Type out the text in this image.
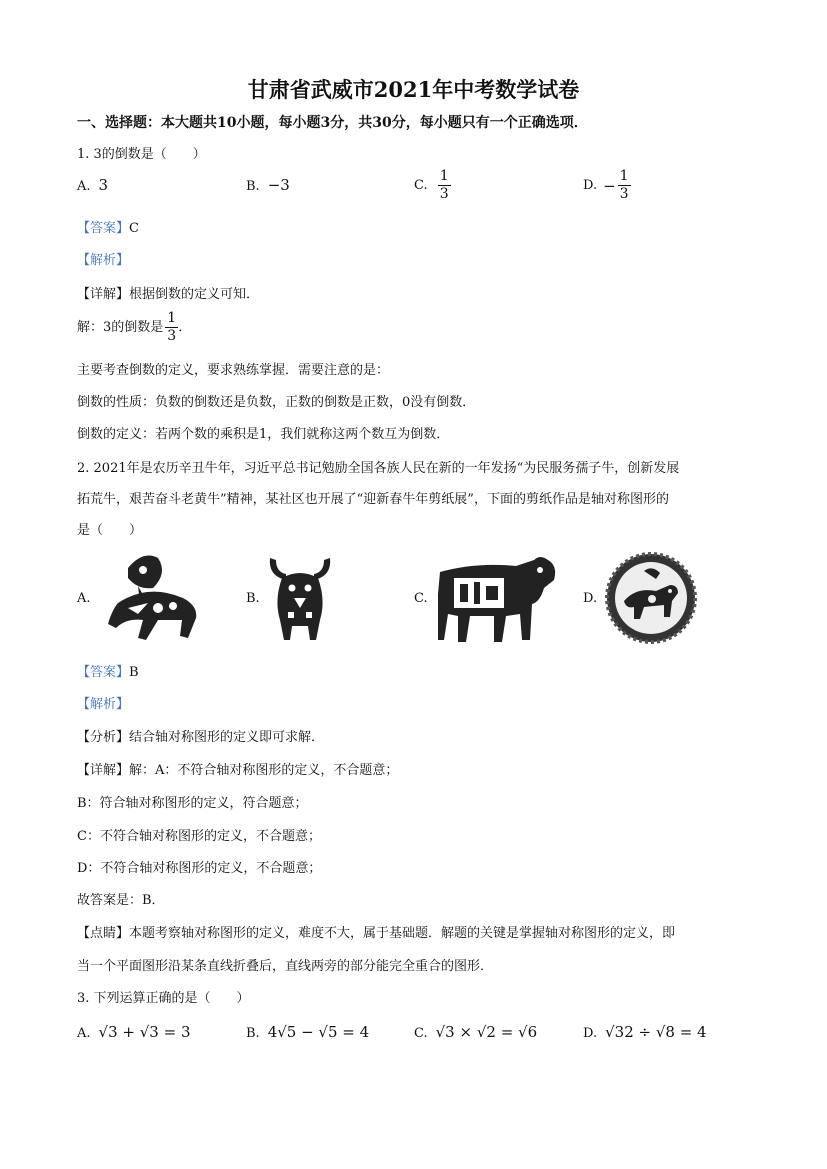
甘肃省武威市2021年中考数学试卷
一、选择题：本大题共10小题，每小题3分，共30分，每小题只有一个正确选项．
1. 3的倒数是（　　）
A. 3	B. −3	C. $\frac{1}{3}$	D. − $\frac{1}{3}$
【答案】C
【解析】
【详解】根据倒数的定义可知．
解：3的倒数是 $\frac{1}{3}$ ．
主要考查倒数的定义，要求熟练掌握．需要注意的是：
倒数的性质：负数的倒数还是负数，正数的倒数是正数，0没有倒数．
倒数的定义：若两个数的乘积是1，我们就称这两个数互为倒数．
2. 2021年是农历辛丑牛年，习近平总书记勉励全国各族人民在新的一年发扬“为民服务孺子牛，创新发展
拓荒牛，艰苦奋斗老黄牛”精神，某社区也开展了“迎新春牛年剪纸展”，下面的剪纸作品是轴对称图形的
是（　　）
A.	B.	C.	D.
【答案】B
【解析】
【分析】结合轴对称图形的定义即可求解．
【详解】解：A：不符合轴对称图形的定义，不合题意；
B：符合轴对称图形的定义，符合题意；
C：不符合轴对称图形的定义，不合题意；
D：不符合轴对称图形的定义，不合题意；
故答案是：B．
【点睛】本题考察轴对称图形的定义，难度不大，属于基础题．解题的关键是掌握轴对称图形的定义，即
当一个平面图形沿某条直线折叠后，直线两旁的部分能完全重合的图形．
3. 下列运算正确的是（　　）
A. √3 + √3 = 3	B. 4√5 − √5 = 4	C. √3 × √2 = √6	D. √32 ÷ √8 = 4
